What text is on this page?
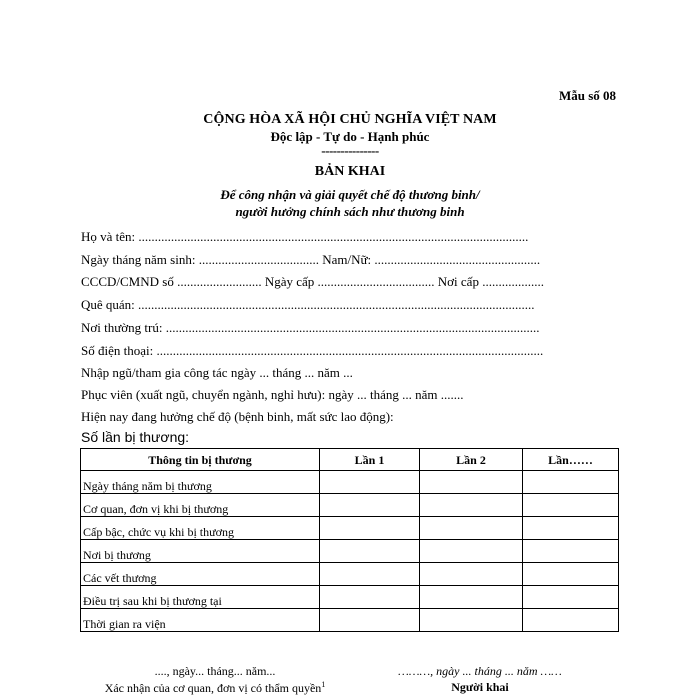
Mẫu số 08
CỘNG HÒA XÃ HỘI CHỦ NGHĨA VIỆT NAM
Độc lập - Tự do - Hạnh phúc
---------------
BẢN KHAI
Để công nhận và giải quyết chế độ thương binh/
người hưởng chính sách như thương binh
Họ và tên: ........................................................................................................................
Ngày tháng năm sinh: ..................................... Nam/Nữ: ...................................................
CCCD/CMND số .......................... Ngày cấp .................................... Nơi cấp ...................
Quê quán: ..........................................................................................................................
Nơi thường trú: ...................................................................................................................
Số điện thoại: .......................................................................................................................
Nhập ngũ/tham gia công tác ngày ... tháng ... năm ...
Phục viên (xuất ngũ, chuyển ngành, nghỉ hưu): ngày ... tháng ... năm .......
Hiện nay đang hưởng chế độ (bệnh binh, mất sức lao động):
Số lần bị thương:
Thông tin bị thương	Lần 1	Lần 2	Lần……
Ngày tháng năm bị thương			
Cơ quan, đơn vị khi bị thương			
Cấp bậc, chức vụ khi bị thương			
Nơi bị thương			
Các vết thương			
Điều trị sau khi bị thương tại			
Thời gian ra viện			
...., ngày... tháng... năm...
Xác nhận của cơ quan, đơn vị có thẩm quyền$^1$
………, ngày ... tháng ... năm ……
Người khai
